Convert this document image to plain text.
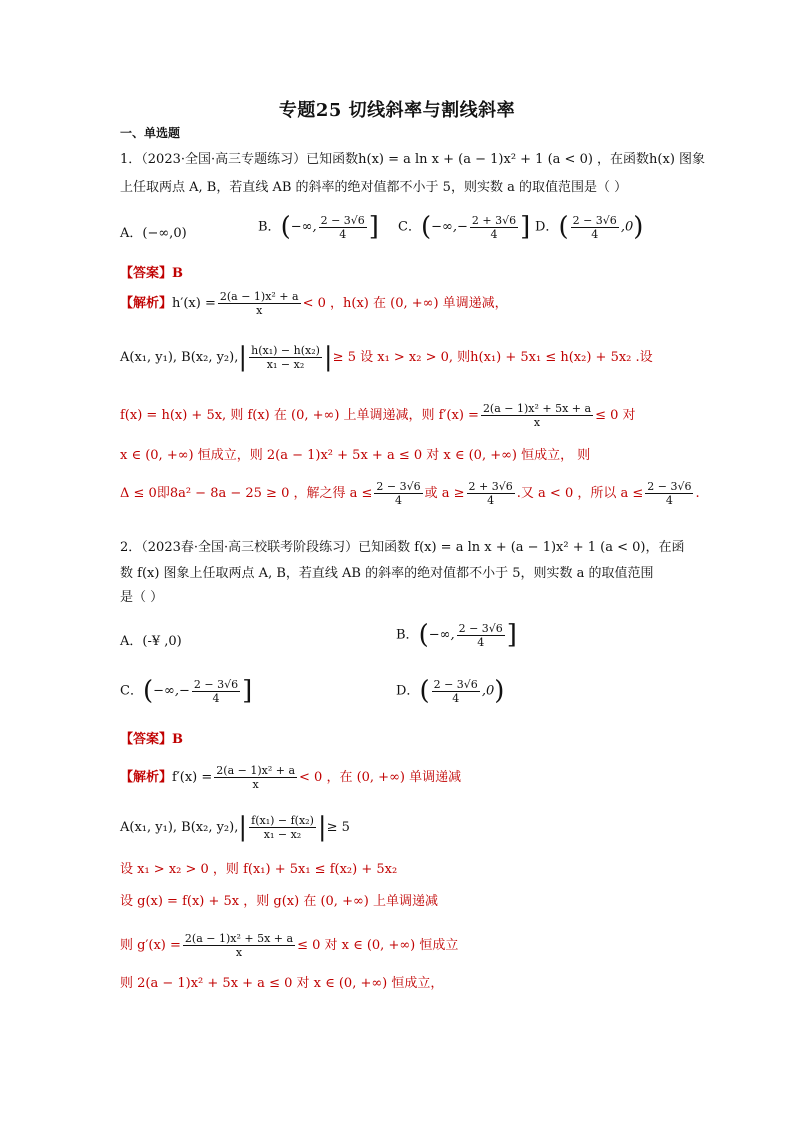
专题25 切线斜率与割线斜率
一、单选题
1．（2023·全国·高三专题练习）已知函数h(x) = a ln x + (a − 1)x² + 1 (a < 0) ，在函数h(x) 图象
上任取两点 A, B，若直线 AB 的斜率的绝对值都不小于 5，则实数 a 的取值范围是（ ）
A．(−∞,0)	B．(−∞, $\frac{2 - 3√6}{4}$ ] C．(−∞,− $\frac{2 + 3√6}{4}$ ] D．( $\frac{2 - 3√6}{4} ,0$)
【答案】B
【解析】$h'(x) = \frac{\text{2(a − 1)x² + a}}{x} < 0$ ，h(x) 在 (0, +∞) 单调递减，
A(x₁, y₁), B(x₂, $y_2),| \frac{\text{h(x₁) − h(x₂)}}{\text{x₁ − x₂}}$ |≥ 5 设 x₁ > x₂ > 0, 则h(x₁) + 5x₁ ≤ h(x₂) + 5x₂ .设
f(x) = h(x) + 5x, 则 f(x) 在 (0, +∞) 上单调递减，则 $f'(x) = \frac{\text{2(a − 1)x² + 5x + a}}{x} \le 0$ 对
x ∈ (0, +∞) 恒成立，则 2(a − 1)x² + 5x + a ≤ 0 对 x ∈ (0, +∞) 恒成立， 则
Δ ≤ 0即8a² − 8a − 25 ≥ 0 ，解之得 $a \le \frac{2 - 3√6}{4}$ 或 $a \ge \frac{2 + 3√6}{4}$ .又 a < 0 ，所以 $a \le \frac{2 - 3√6}{4}$ .
2．（2023春·全国·高三校联考阶段练习）已知函数 f(x) = a ln x + (a − 1)x² + 1 (a < 0)，在函
数 f(x) 图象上任取两点 A, B，若直线 AB 的斜率的绝对值都不小于 5，则实数 a 的取值范围
是（ ）
A．(-¥ ,0)	B．(−∞, $\frac{2 - 3√6}{4}$ ]
C．(−∞,− $\frac{2 - 3√6}{4}$ ]	D．( $\frac{2 - 3√6}{4} ,0$)
【答案】B
【解析】$f'(x) = \frac{\text{2(a − 1)x² + a}}{x} < 0$ ，在 (0, +∞) 单调递减
A(x₁, y₁), B(x₂, $y_2),| \frac{\text{f(x₁) − f(x₂)}}{\text{x₁ − x₂}}$ |≥ 5
设 x₁ > x₂ > 0 ，则 f(x₁) + 5x₁ ≤ f(x₂) + 5x₂
设 g(x) = f(x) + 5x ，则 g(x) 在 (0, +∞) 上单调递减
则 $g'(x) = \frac{\text{2(a − 1)x² + 5x + a}}{x} \le 0$ 对 x ∈ (0, +∞) 恒成立
则 2(a − 1)x² + 5x + a ≤ 0 对 x ∈ (0, +∞) 恒成立，
